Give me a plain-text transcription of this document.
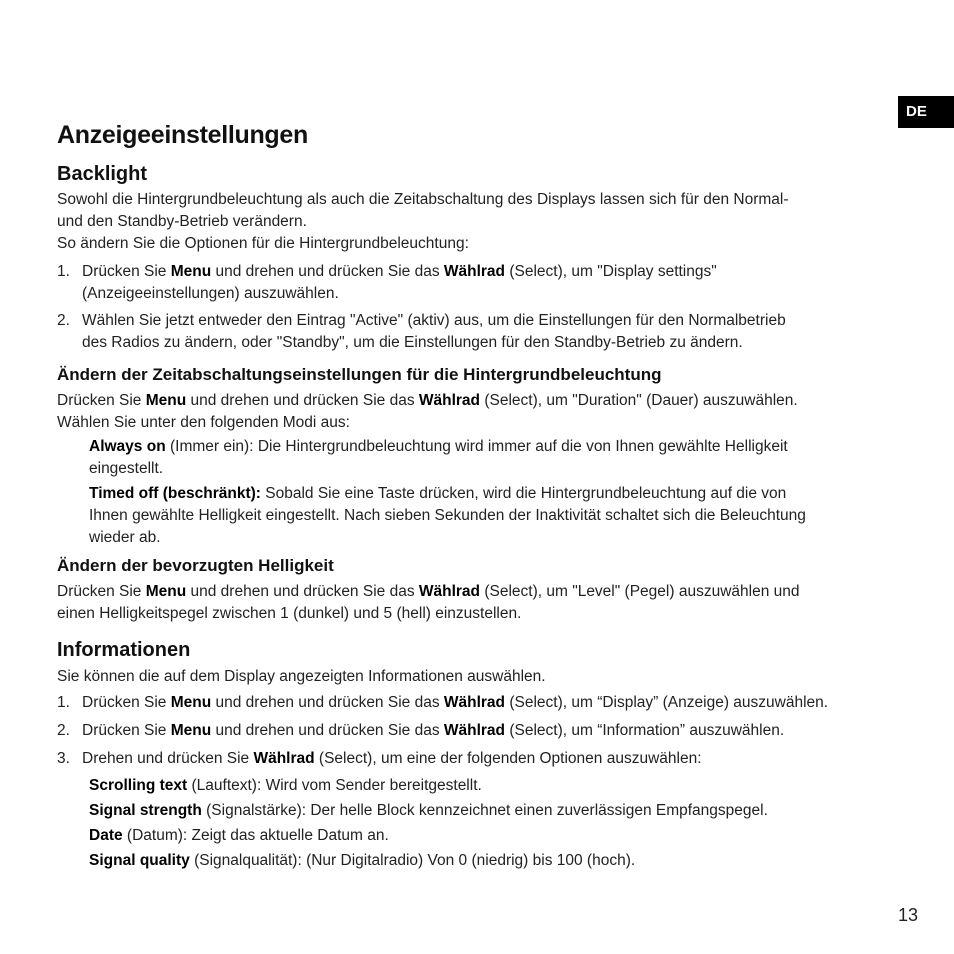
DE
Anzeigeeinstellungen
Backlight

Sowohl die Hintergrundbeleuchtung als auch die Zeitabschaltung des Displays lassen sich für den Normal-

und den Standby-Betrieb verändern.

So ändern Sie die Optionen für die Hintergrundbeleuchtung:

1. Drücken Sie Menu und drehen und drücken Sie das Wählrad (Select), um "Display settings"

(Anzeigeeinstellungen) auszuwählen.

2. Wählen Sie jetzt entweder den Eintrag "Active" (aktiv) aus, um die Einstellungen für den Normalbetrieb

des Radios zu ändern, oder "Standby", um die Einstellungen für den Standby-Betrieb zu ändern.

Ändern der Zeitabschaltungseinstellungen für die Hintergrundbeleuchtung

Drücken Sie Menu und drehen und drücken Sie das Wählrad (Select), um "Duration" (Dauer) auszuwählen.

Wählen Sie unter den folgenden Modi aus:

Always on (Immer ein): Die Hintergrundbeleuchtung wird immer auf die von Ihnen gewählte Helligkeit

eingestellt.

Timed off (beschränkt): Sobald Sie eine Taste drücken, wird die Hintergrundbeleuchtung auf die von

Ihnen gewählte Helligkeit eingestellt. Nach sieben Sekunden der Inaktivität schaltet sich die Beleuchtung

wieder ab.

Ändern der bevorzugten Helligkeit

Drücken Sie Menu und drehen und drücken Sie das Wählrad (Select), um "Level" (Pegel) auszuwählen und

einen Helligkeitspegel zwischen 1 (dunkel) und 5 (hell) einzustellen.

Informationen

Sie können die auf dem Display angezeigten Informationen auswählen.

1. Drücken Sie Menu und drehen und drücken Sie das Wählrad (Select), um “Display” (Anzeige) auszuwählen.
2. Drücken Sie Menu und drehen und drücken Sie das Wählrad (Select), um “Information” auszuwählen.
3. Drehen und drücken Sie Wählrad (Select), um eine der folgenden Optionen auszuwählen:

Scrolling text (Lauftext): Wird vom Sender bereitgestellt.

Signal strength (Signalstärke): Der helle Block kennzeichnet einen zuverlässigen Empfangspegel.

Date (Datum): Zeigt das aktuelle Datum an.

Signal quality (Signalqualität): (Nur Digitalradio) Von 0 (niedrig) bis 100 (hoch).

13
